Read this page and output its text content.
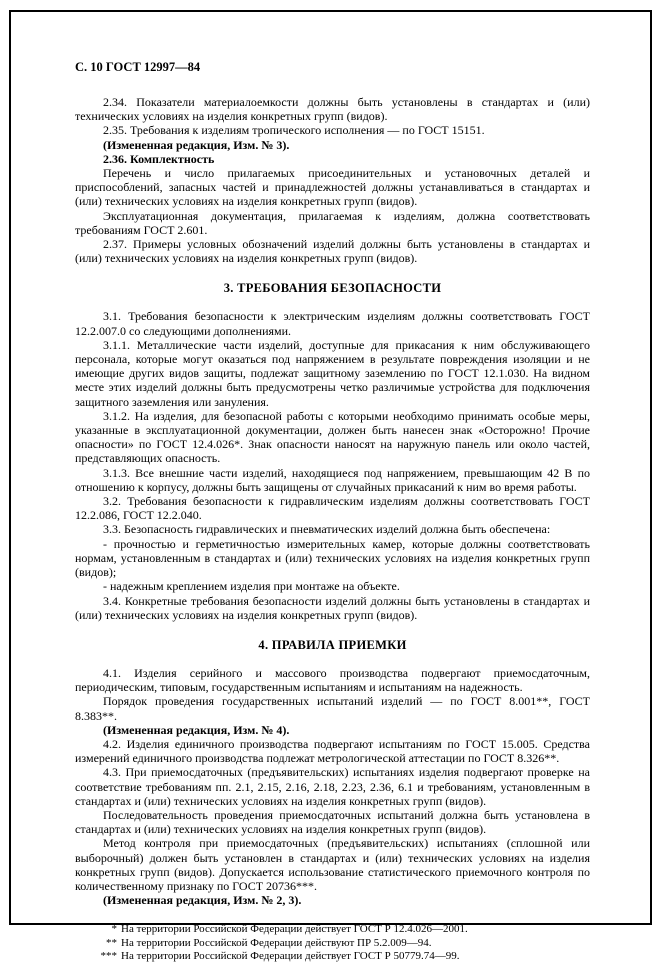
С. 10 ГОСТ 12997—84

2.34. Показатели материалоемкости должны быть установлены в стандартах и (или) технических условиях на изделия конкретных групп (видов).

2.35. Требования к изделиям тропического исполнения — по ГОСТ 15151.

(Измененная редакция, Изм. № 3).

2.36. Комплектность

Перечень и число прилагаемых присоединительных и установочных деталей и приспособлений, запасных частей и принадлежностей должны устанавливаться в стандартах и (или) технических условиях на изделия конкретных групп (видов).

Эксплуатационная документация, прилагаемая к изделиям, должна соответствовать требованиям ГОСТ 2.601.

2.37. Примеры условных обозначений изделий должны быть установлены в стандартах и (или) технических условиях на изделия конкретных групп (видов).

3. ТРЕБОВАНИЯ БЕЗОПАСНОСТИ

3.1. Требования безопасности к электрическим изделиям должны соответствовать ГОСТ 12.2.007.0 со следующими дополнениями.

3.1.1. Металлические части изделий, доступные для прикасания к ним обслуживающего персонала, которые могут оказаться под напряжением в результате повреждения изоляции и не имеющие других видов защиты, подлежат защитному заземлению по ГОСТ 12.1.030. На видном месте этих изделий должны быть предусмотрены четко различимые устройства для подключения защитного заземления или зануления.

3.1.2. На изделия, для безопасной работы с которыми необходимо принимать особые меры, указанные в эксплуатационной документации, должен быть нанесен знак «Осторожно! Прочие опасности» по ГОСТ 12.4.026*. Знак опасности наносят на наружную панель или около частей, представляющих опасность.

3.1.3. Все внешние части изделий, находящиеся под напряжением, превышающим 42 В по отношению к корпусу, должны быть защищены от случайных прикасаний к ним во время работы.

3.2. Требования безопасности к гидравлическим изделиям должны соответствовать ГОСТ 12.2.086, ГОСТ 12.2.040.

3.3. Безопасность гидравлических и пневматических изделий должна быть обеспечена:

- прочностью и герметичностью измерительных камер, которые должны соответствовать нормам, установленным в стандартах и (или) технических условиях на изделия конкретных групп (видов);

- надежным креплением изделия при монтаже на объекте.

3.4. Конкретные требования безопасности изделий должны быть установлены в стандартах и (или) технических условиях на изделия конкретных групп (видов).

4. ПРАВИЛА ПРИЕМКИ

4.1. Изделия серийного и массового производства подвергают приемосдаточным, периодическим, типовым, государственным испытаниям и испытаниям на надежность.

Порядок проведения государственных испытаний изделий — по ГОСТ 8.001**, ГОСТ 8.383**.

(Измененная редакция, Изм. № 4).

4.2. Изделия единичного производства подвергают испытаниям по ГОСТ 15.005. Средства измерений единичного производства подлежат метрологической аттестации по ГОСТ 8.326**.

4.3. При приемосдаточных (предъявительских) испытаниях изделия подвергают проверке на соответствие требованиям пп. 2.1, 2.15, 2.16, 2.18, 2.23, 2.36, 6.1 и требованиям, установленным в стандартах и (или) технических условиях на изделия конкретных групп (видов).

Последовательность проведения приемосдаточных испытаний должна быть установлена в стандартах и (или) технических условиях на изделия конкретных групп (видов).

Метод контроля при приемосдаточных (предъявительских) испытаниях (сплошной или выборочный) должен быть установлен в стандартах и (или) технических условиях на изделия конкретных групп (видов). Допускается использование статистического приемочного контроля по количественному признаку по ГОСТ 20736***.

(Измененная редакция, Изм. № 2, 3).

* На территории Российской Федерации действует ГОСТ Р 12.4.026—2001.
** На территории Российской Федерации действуют ПР 5.2.009—94.
*** На территории Российской Федерации действует ГОСТ Р 50779.74—99.
